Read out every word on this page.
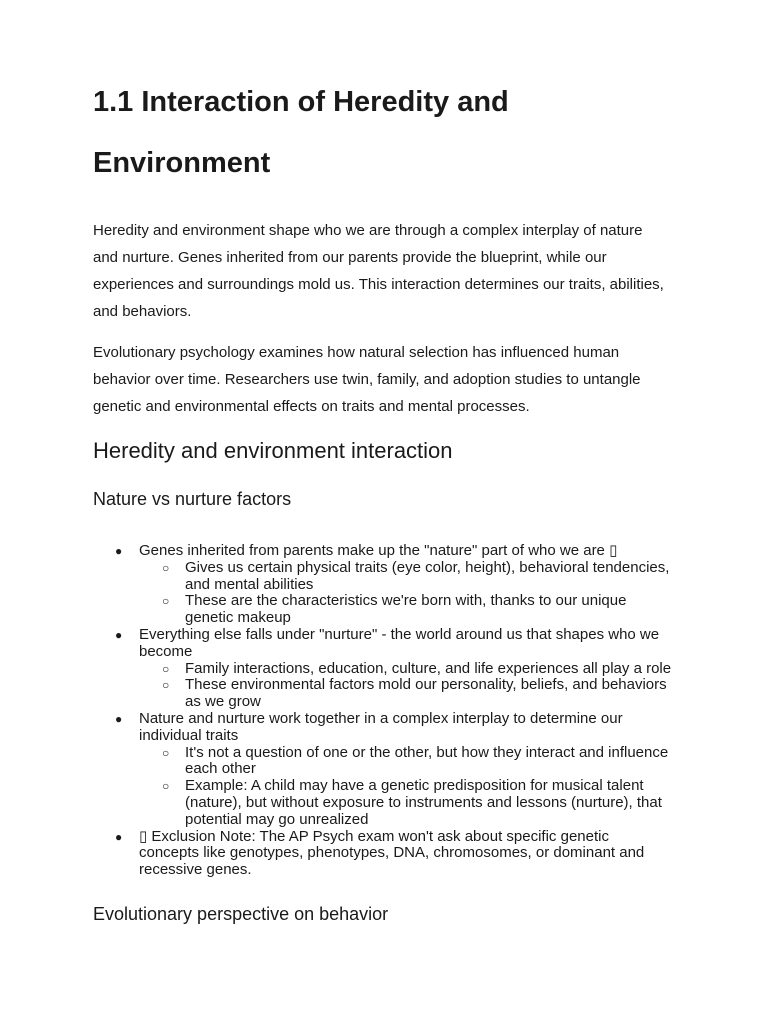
1.1 Interaction of Heredity and Environment

Heredity and environment shape who we are through a complex interplay of nature and nurture. Genes inherited from our parents provide the blueprint, while our experiences and surroundings mold us. This interaction determines our traits, abilities, and behaviors.

Evolutionary psychology examines how natural selection has influenced human behavior over time. Researchers use twin, family, and adoption studies to untangle genetic and environmental effects on traits and mental processes.

Heredity and environment interaction
Nature vs nurture factors
●	Genes inherited from parents make up the "nature" part of who we are ▯
○ Gives us certain physical traits (eye color, height), behavioral tendencies, and mental abilities
○ These are the characteristics we're born with, thanks to our unique genetic makeup
●	Everything else falls under "nurture" - the world around us that shapes who we become
○ Family interactions, education, culture, and life experiences all play a role
○ These environmental factors mold our personality, beliefs, and behaviors as we grow
●	Nature and nurture work together in a complex interplay to determine our individual traits
○ It's not a question of one or the other, but how they interact and influence each other
○ Example: A child may have a genetic predisposition for musical talent (nature), but without exposure to instruments and lessons (nurture), that potential may go unrealized
●	▯ Exclusion Note: The AP Psych exam won't ask about specific genetic concepts like genotypes, phenotypes, DNA, chromosomes, or dominant and recessive genes.
Evolutionary perspective on behavior
